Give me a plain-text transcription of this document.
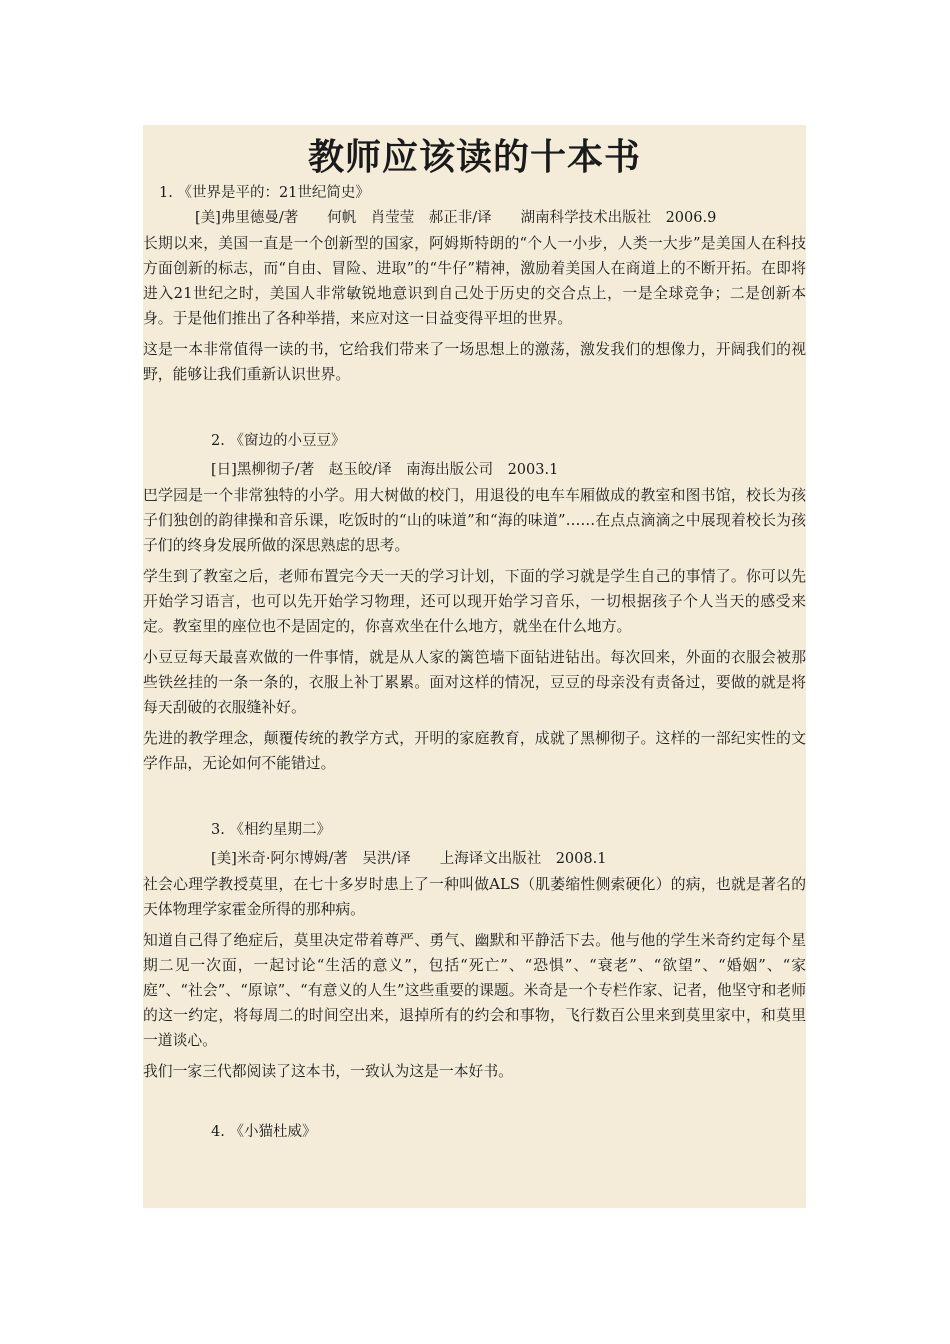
教师应该读的十本书
1. 《世界是平的：21世纪简史》
[美]弗里德曼/著　　何帆　肖莹莹　郝正非/译　　湖南科学技术出版社　2006.9

长期以来，美国一直是一个创新型的国家，阿姆斯特朗的“个人一小步，人类一大步”是美国人在科技方面创新的标志，而“自由、冒险、进取”的“牛仔”精神，激励着美国人在商道上的不断开拓。在即将进入21世纪之时，美国人非常敏锐地意识到自己处于历史的交合点上，一是全球竞争；二是创新本身。于是他们推出了各种举措，来应对这一日益变得平坦的世界。

这是一本非常值得一读的书，它给我们带来了一场思想上的激荡，激发我们的想像力，开阔我们的视野，能够让我们重新认识世界。

2. 《窗边的小豆豆》
[日]黑柳彻子/著　赵玉皎/译　南海出版公司　2003.1

巴学园是一个非常独特的小学。用大树做的校门，用退役的电车车厢做成的教室和图书馆，校长为孩子们独创的韵律操和音乐课，吃饭时的“山的味道”和“海的味道”……在点点滴滴之中展现着校长为孩子们的终身发展所做的深思熟虑的思考。

学生到了教室之后，老师布置完今天一天的学习计划，下面的学习就是学生自己的事情了。你可以先开始学习语言，也可以先开始学习物理，还可以现开始学习音乐，一切根据孩子个人当天的感受来定。教室里的座位也不是固定的，你喜欢坐在什么地方，就坐在什么地方。

小豆豆每天最喜欢做的一件事情，就是从人家的篱笆墙下面钻进钻出。每次回来，外面的衣服会被那些铁丝挂的一条一条的，衣服上补丁累累。面对这样的情况，豆豆的母亲没有责备过，要做的就是将每天刮破的衣服缝补好。

先进的教学理念，颠覆传统的教学方式，开明的家庭教育，成就了黑柳彻子。这样的一部纪实性的文学作品，无论如何不能错过。

3. 《相约星期二》
[美]米奇·阿尔博姆/著　吴洪/译　　上海译文出版社　2008.1

社会心理学教授莫里，在七十多岁时患上了一种叫做ALS（肌萎缩性侧索硬化）的病，也就是著名的天体物理学家霍金所得的那种病。

知道自己得了绝症后，莫里决定带着尊严、勇气、幽默和平静活下去。他与他的学生米奇约定每个星期二见一次面，一起讨论“生活的意义”，包括“死亡”、“恐惧”、“衰老”、“欲望”、“婚姻”、“家庭”、“社会”、“原谅”、“有意义的人生”这些重要的课题。米奇是一个专栏作家、记者，他坚守和老师的这一约定，将每周二的时间空出来，退掉所有的约会和事物，飞行数百公里来到莫里家中，和莫里一道谈心。

我们一家三代都阅读了这本书，一致认为这是一本好书。

4. 《小猫杜威》
